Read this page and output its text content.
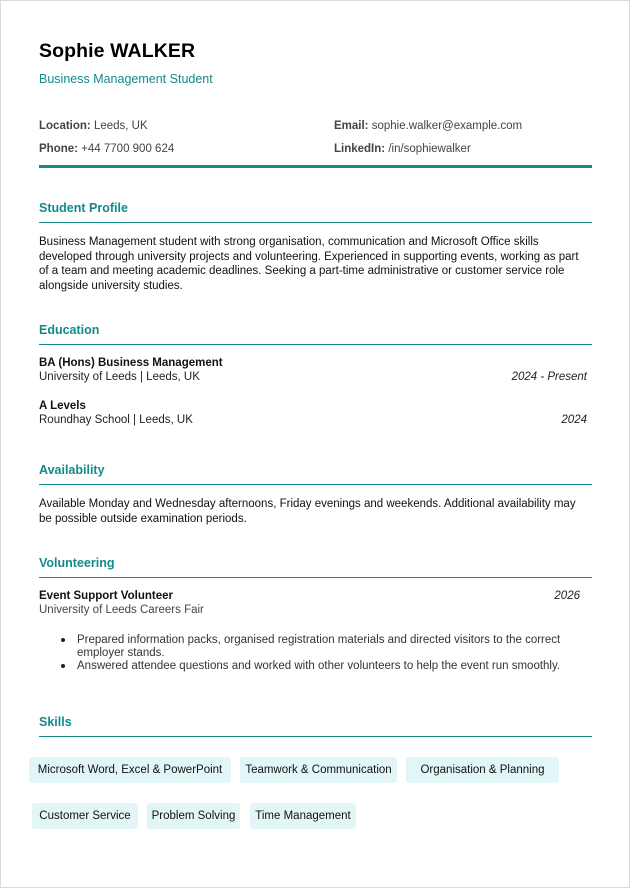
Sophie WALKER
Business Management Student
Location: Leeds, UK	Email: sophie.walker@example.com
Phone: +44 7700 900 624	LinkedIn: /in/sophiewalker
Student Profile
Business Management student with strong organisation, communication and Microsoft Office skills developed through university projects and volunteering. Experienced in supporting events, working as part of a team and meeting academic deadlines. Seeking a part-time administrative or customer service role alongside university studies.
Education
BA (Hons) Business Management
University of Leeds | Leeds, UK	2024 - Present
A Levels
Roundhay School | Leeds, UK	2024
Availability
Available Monday and Wednesday afternoons, Friday evenings and weekends. Additional availability may be possible outside examination periods.
Volunteering
Event Support Volunteer
University of Leeds Careers Fair
2026
Prepared information packs, organised registration materials and directed visitors to the correct employer stands.
Answered attendee questions and worked with other volunteers to help the event run smoothly.
Skills
Microsoft Word, Excel & PowerPoint	Teamwork & Communication	Organisation & Planning
Customer Service	Problem Solving	Time Management
